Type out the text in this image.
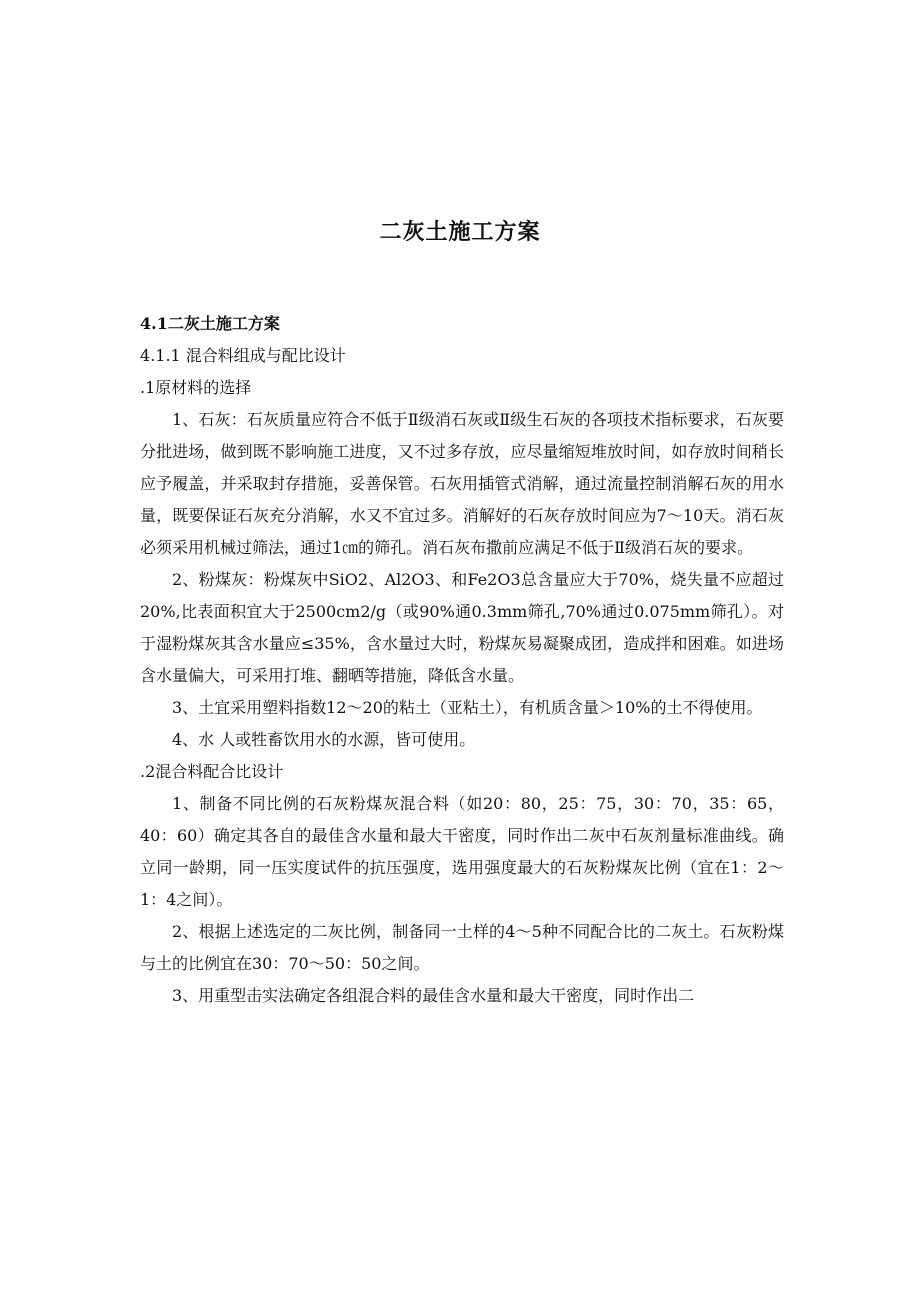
二灰土施工方案

4.1二灰土施工方案

4.1.1 混合料组成与配比设计

.1原材料的选择

1、石灰：石灰质量应符合不低于Ⅱ级消石灰或Ⅱ级生石灰的各项技术指标要求，石灰要分批进场，做到既不影响施工进度，又不过多存放，应尽量缩短堆放时间，如存放时间稍长应予履盖，并采取封存措施，妥善保管。石灰用插管式消解，通过流量控制消解石灰的用水量，既要保证石灰充分消解，水又不宜过多。消解好的石灰存放时间应为7～10天。消石灰必须采用机械过筛法，通过1㎝的筛孔。消石灰布撒前应满足不低于Ⅱ级消石灰的要求。

2、粉煤灰：粉煤灰中SiO2、Al2O3、和Fe2O3总含量应大于70%，烧失量不应超过20%,比表面积宜大于2500cm2/g（或90%通0.3mm筛孔,70%通过0.075mm筛孔）。对于湿粉煤灰其含水量应≤35%，含水量过大时，粉煤灰易凝聚成团，造成拌和困难。如进场含水量偏大，可采用打堆、翻晒等措施，降低含水量。

3、土宜采用塑料指数12～20的粘土（亚粘土），有机质含量＞10%的土不得使用。

4、水 人或牲畜饮用水的水源，皆可使用。

.2混合料配合比设计

1、制备不同比例的石灰粉煤灰混合料（如20：80，25：75，30：70，35：65，40：60）确定其各自的最佳含水量和最大干密度，同时作出二灰中石灰剂量标准曲线。确立同一龄期，同一压实度试件的抗压强度，选用强度最大的石灰粉煤灰比例（宜在1：2～1：4之间）。

2、根据上述选定的二灰比例，制备同一土样的4～5种不同配合比的二灰土。石灰粉煤与土的比例宜在30：70～50：50之间。

3、用重型击实法确定各组混合料的最佳含水量和最大干密度，同时作出二
